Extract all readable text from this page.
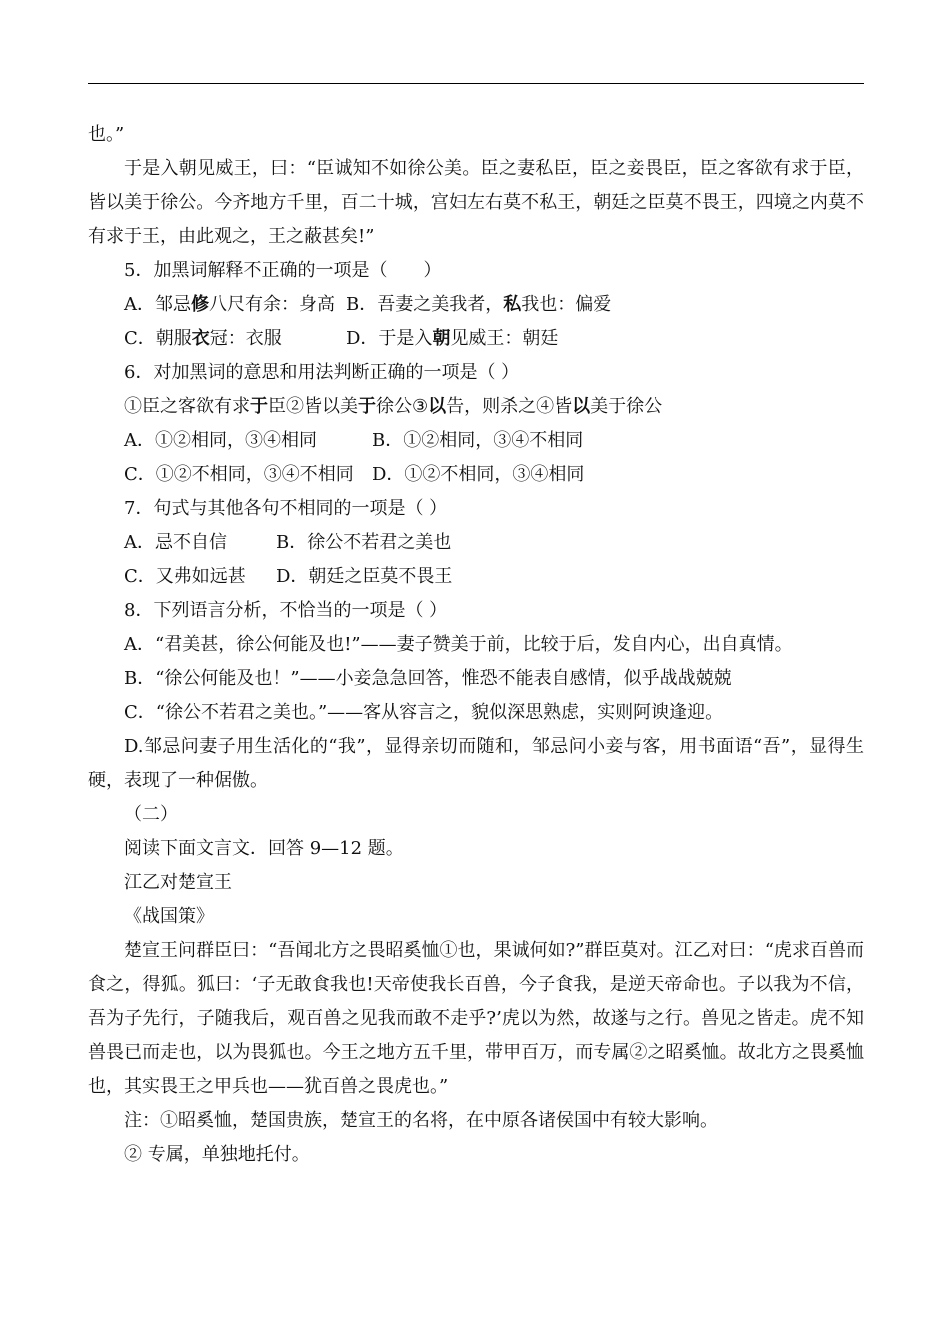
也。”

于是入朝见威王，曰：“臣诚知不如徐公美。臣之妻私臣，臣之妾畏臣，臣之客欲有求于臣，皆以美于徐公。今齐地方千里，百二十城，宫妇左右莫不私王，朝廷之臣莫不畏王，四境之内莫不有求于王，由此观之，王之蔽甚矣!”

5．加黑词解释不正确的一项是（　　）

A．邹忌修八尺有余：身高 B．吾妻之美我者，私我也：偏爱
C．朝服衣冠：衣服	D．于是入朝见威王：朝廷

6．对加黑词的意思和用法判断正确的一项是（ ）

①臣之客欲有求于臣 ②皆以美于徐公 ③以告，则杀之 ④皆以美于徐公
A．①②相同，③④相同	B．①②相同，③④不相同
C．①②不相同，③④不相同	D．①②不相同，③④相同

7．句式与其他各句不相同的一项是（ ）

A．忌不自信	B．徐公不若君之美也
C．又弗如远甚	D．朝廷之臣莫不畏王

8．下列语言分析，不恰当的一项是（ ）

A．“君美甚，徐公何能及也!”——妻子赞美于前，比较于后，发自内心，出自真情。

B．“徐公何能及也！”——小妾急急回答，惟恐不能表自感情，似乎战战兢兢

C．“徐公不若君之美也。”——客从容言之，貌似深思熟虑，实则阿谀逢迎。

D.邹忌问妻子用生活化的“我”，显得亲切而随和，邹忌问小妾与客，用书面语“吾”，显得生硬，表现了一种倨傲。

（二）

阅读下面文言文．回答 9—12 题。

江乙对楚宣王

《战国策》

楚宣王问群臣曰：“吾闻北方之畏昭奚恤①也，果诚何如?”群臣莫对。江乙对曰：“虎求百兽而食之，得狐。狐曰：‘子无敢食我也!天帝使我长百兽，今子食我，是逆天帝命也。子以我为不信，吾为子先行，子随我后，观百兽之见我而敢不走乎?’虎以为然，故遂与之行。兽见之皆走。虎不知兽畏已而走也，以为畏狐也。今王之地方五千里，带甲百万，而专属②之昭奚恤。故北方之畏奚恤也，其实畏王之甲兵也——犹百兽之畏虎也。”

注：①昭奚恤，楚国贵族，楚宣王的名将，在中原各诸侯国中有较大影响。

② 专属，单独地托付。
